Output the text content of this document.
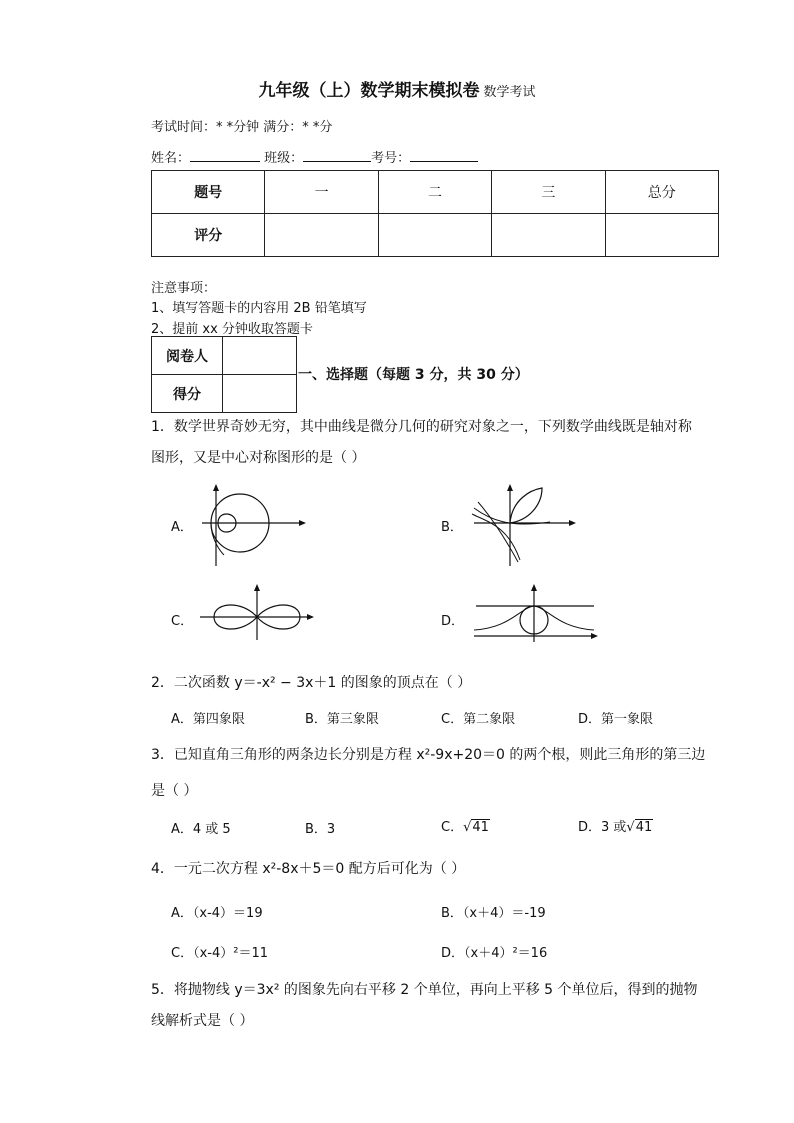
九年级（上）数学期末模拟卷 数学考试
考试时间：* *分钟 满分：* *分
姓名：	班级：	考号：
题号	一	二	三	总分
评分				
注意事项：
1、填写答题卡的内容用 2B 铅笔填写
2、提前 xx 分钟收取答题卡
阅卷人	
得分	
一、选择题（每题 3 分，共 30 分）
1．数学世界奇妙无穷，其中曲线是微分几何的研究对象之一，下列数学曲线既是轴对称
图形，又是中心对称图形的是（ ）
A．	B．
C．	D．
2．二次函数 y＝-x² − 3x＋1 的图象的顶点在（ ）
A．第四象限	B．第三象限	C．第二象限	D．第一象限
3．已知直角三角形的两条边长分别是方程 x²-9x+20＝0 的两个根，则此三角形的第三边
是（ ）
A．4 或 5	B．3	C．√41	D．3 或√41
4．一元二次方程 x²-8x＋5＝0 配方后可化为（ ）
A．（x-4）＝19	B．（x＋4）＝-19
C．（x-4）²＝11	D．（x＋4）²＝16
5．将抛物线 y＝3x² 的图象先向右平移 2 个单位，再向上平移 5 个单位后，得到的抛物
线解析式是（ ）
